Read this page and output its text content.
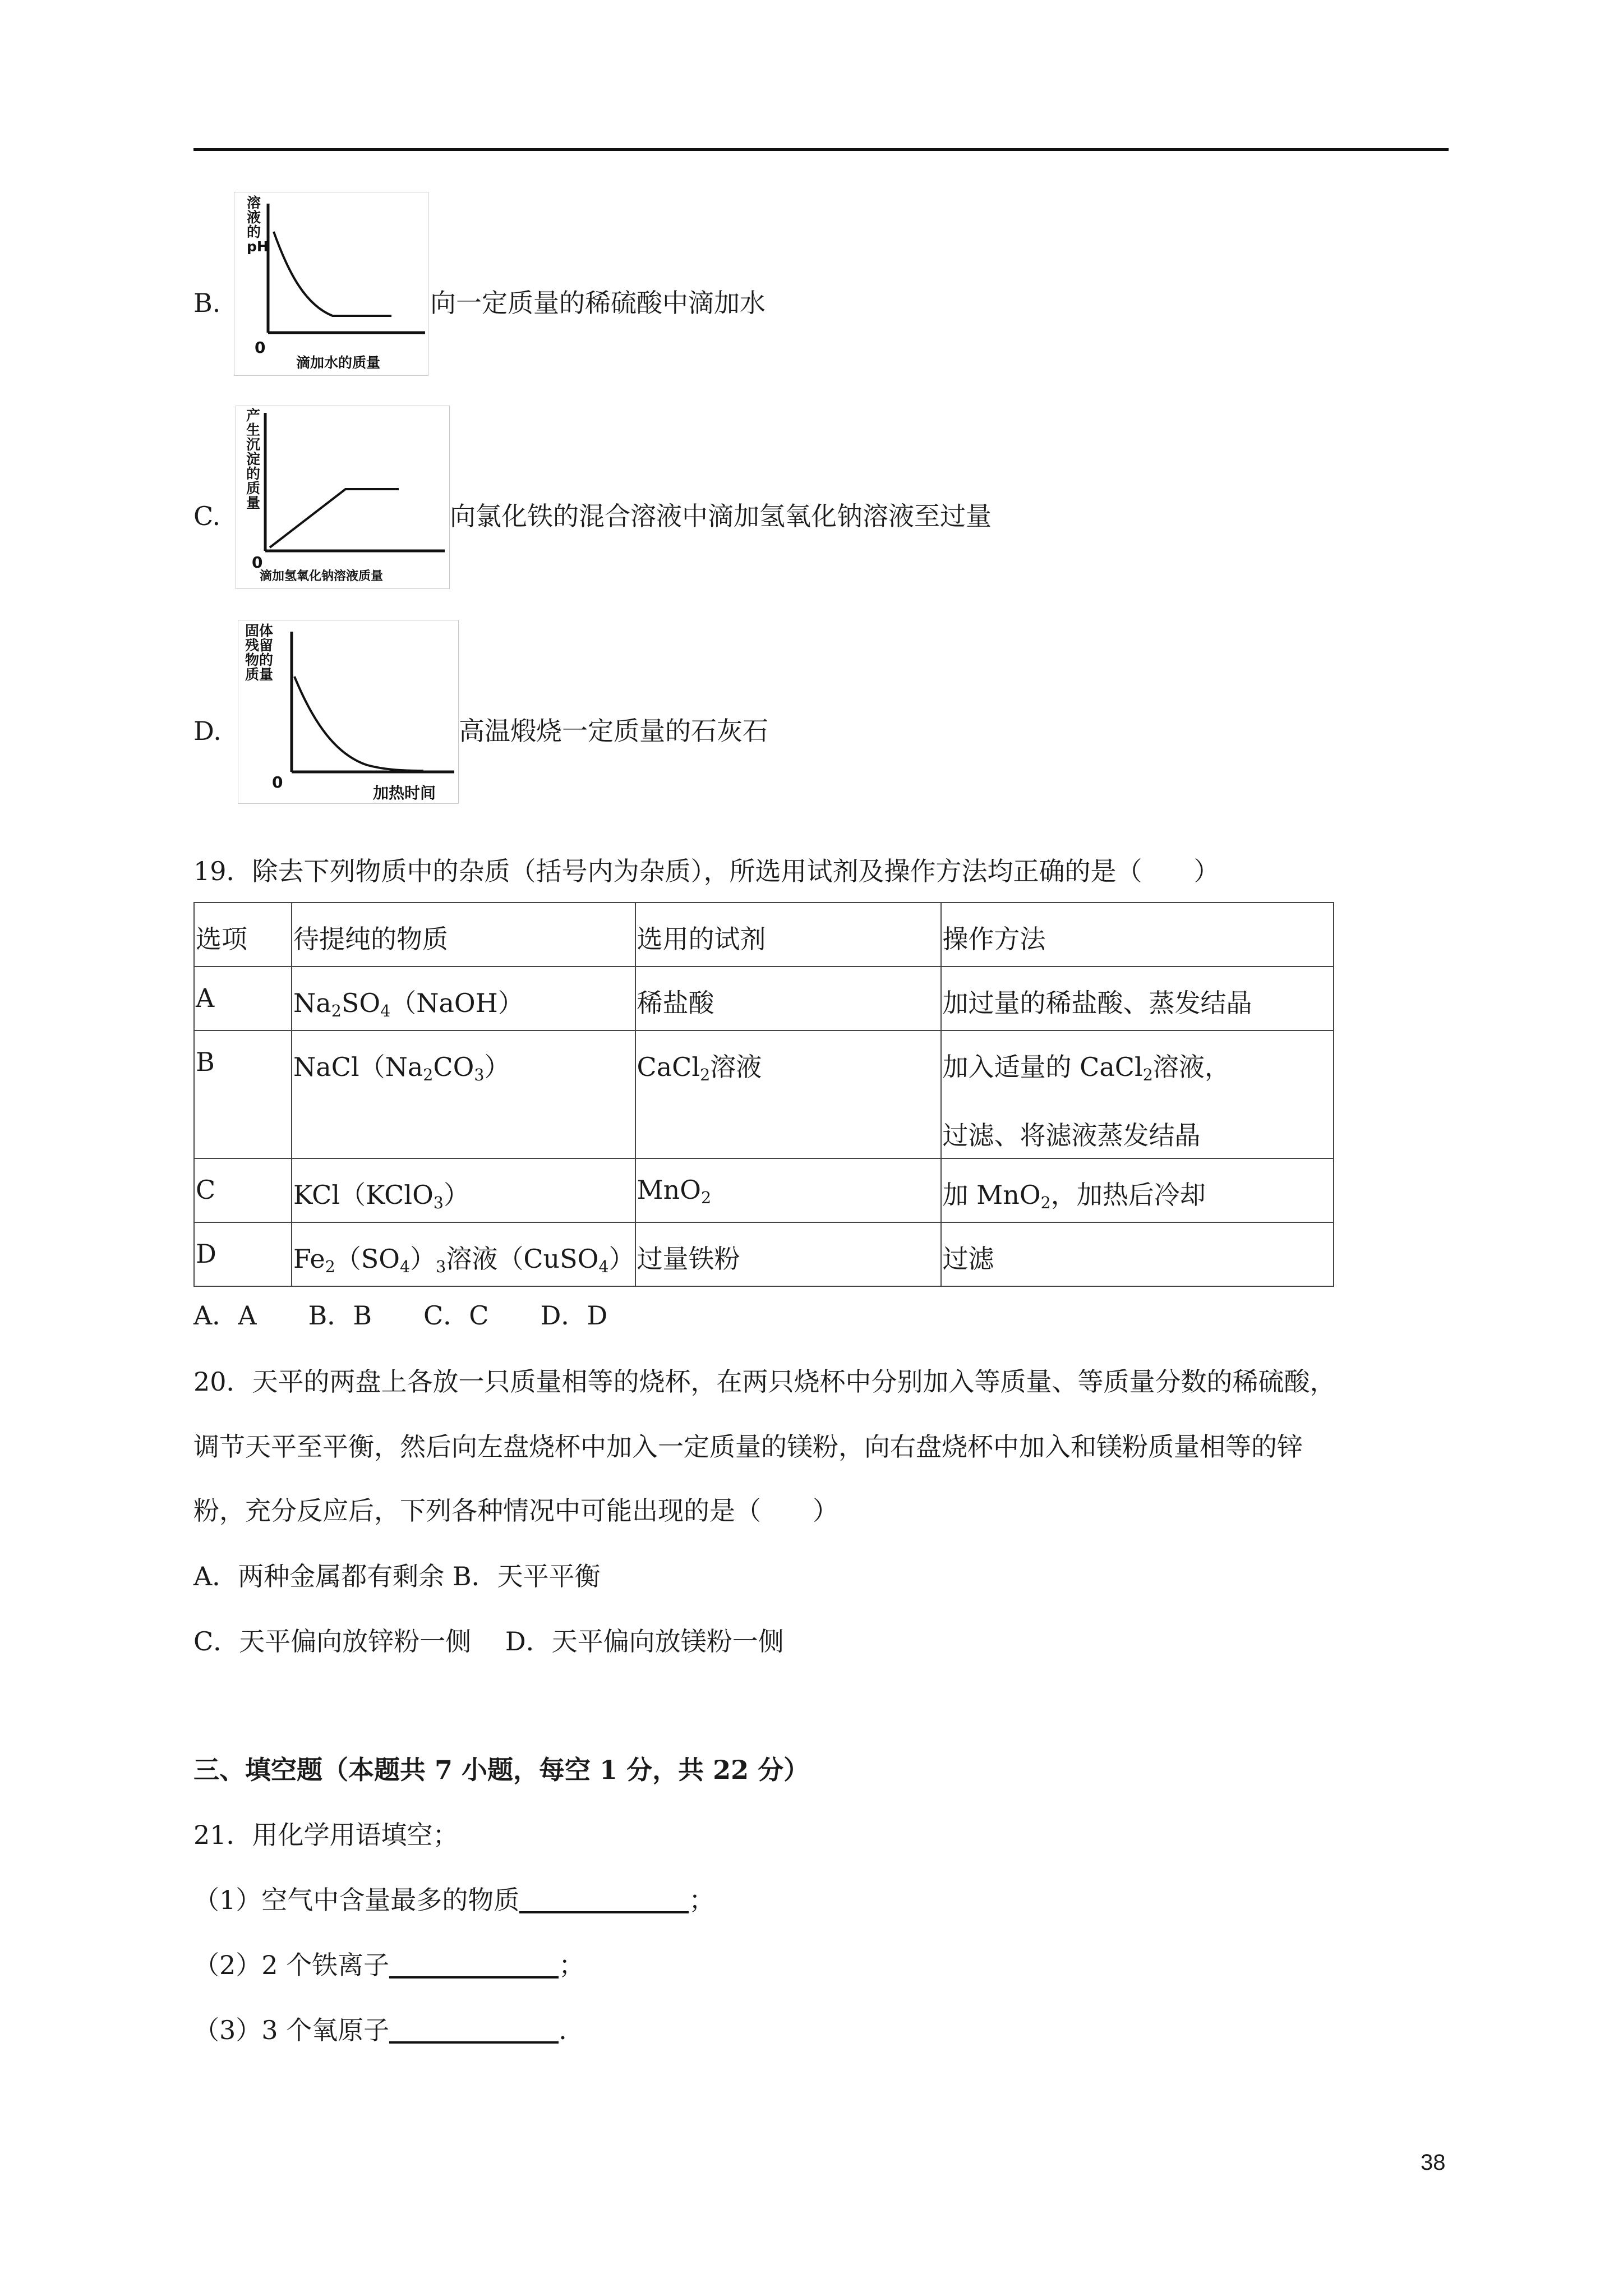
B.
溶
液
的
pH
0
滴加水的质量
向一定质量的稀硫酸中滴加水
C.
产
生
沉
淀
的
质
量
0
滴加氢氧化钠溶液质量
向氯化铁的混合溶液中滴加氢氧化钠溶液至过量
D.
固体
残留
物的
质量
0
加热时间
高温煅烧一定质量的石灰石
19．除去下列物质中的杂质（括号内为杂质），所选用试剂及操作方法均正确的是（　　）
选项	待提纯的物质	选用的试剂	操作方法
A	$Na_2SO_4(NaOH)$	稀盐酸	加过量的稀盐酸、蒸发结晶
B	$NaCl(Na_2CO_3)$	CaCl$_2$溶液	加入适量的 CaCl$_2$溶液，
过滤、将滤液蒸发结晶

C	KCl（KClO$_3$）	MnO$_2$	加 MnO$_2$，加热后冷却
D	$Fe_2(SO_4)_3$溶液（CuSO$_4$）	过量铁粉	过滤
A．A　　B．B　　C．C　　D．D
20．天平的两盘上各放一只质量相等的烧杯，在两只烧杯中分别加入等质量、等质量分数的稀硫酸，
调节天平至平衡，然后向左盘烧杯中加入一定质量的镁粉，向右盘烧杯中加入和镁粉质量相等的锌
粉，充分反应后，下列各种情况中可能出现的是（　　）
A．两种金属都有剩余 B．天平平衡
C．天平偏向放锌粉一侧　 D．天平偏向放镁粉一侧
三、填空题（本题共 7 小题，每空 1 分，共 22 分）
21．用化学用语填空；
（1）空气中含量最多的物质	；
（2）2 个铁离子	；
（3）3 个氧原子	.
38
